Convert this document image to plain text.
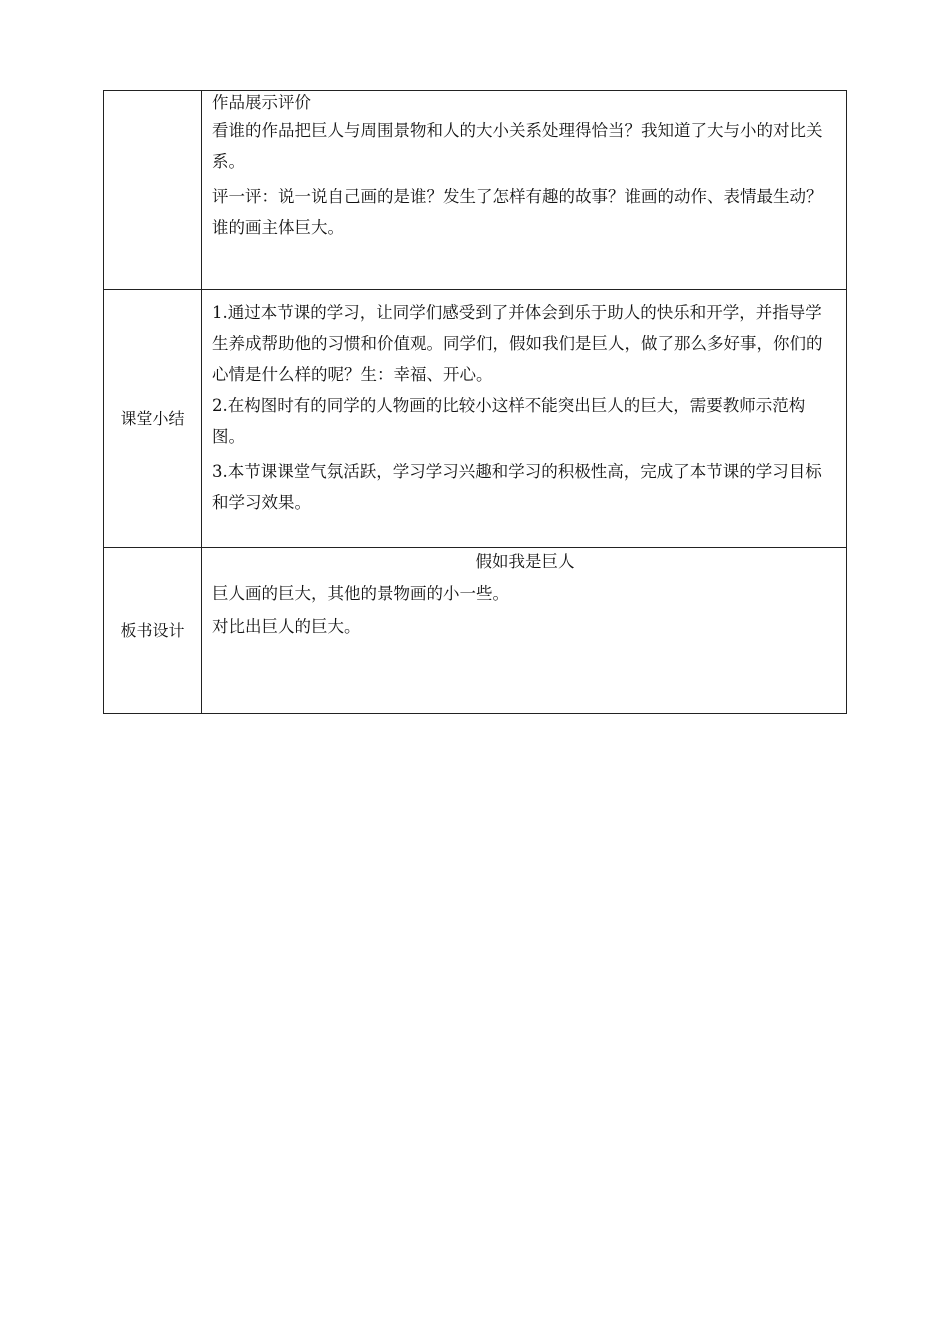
	作品展示评价

看谁的作品把巨人与周围景物和人的大小关系处理得恰当？我知道了大与小的对比关系。

评一评：说一说自己画的是谁？发生了怎样有趣的故事？谁画的动作、表情最生动？谁的画主体巨大。

课堂小结	1.通过本节课的学习，让同学们感受到了并体会到乐于助人的快乐和开学，并指导学生养成帮助他的习惯和价值观。同学们，假如我们是巨人，做了那么多好事，你们的心情是什么样的呢？生：幸福、开心。

2.在构图时有的同学的人物画的比较小这样不能突出巨人的巨大，需要教师示范构图。

3.本节课课堂气氛活跃，学习学习兴趣和学习的积极性高，完成了本节课的学习目标和学习效果。

板书设计	假如我是巨人

巨人画的巨大，其他的景物画的小一些。

对比出巨人的巨大。
